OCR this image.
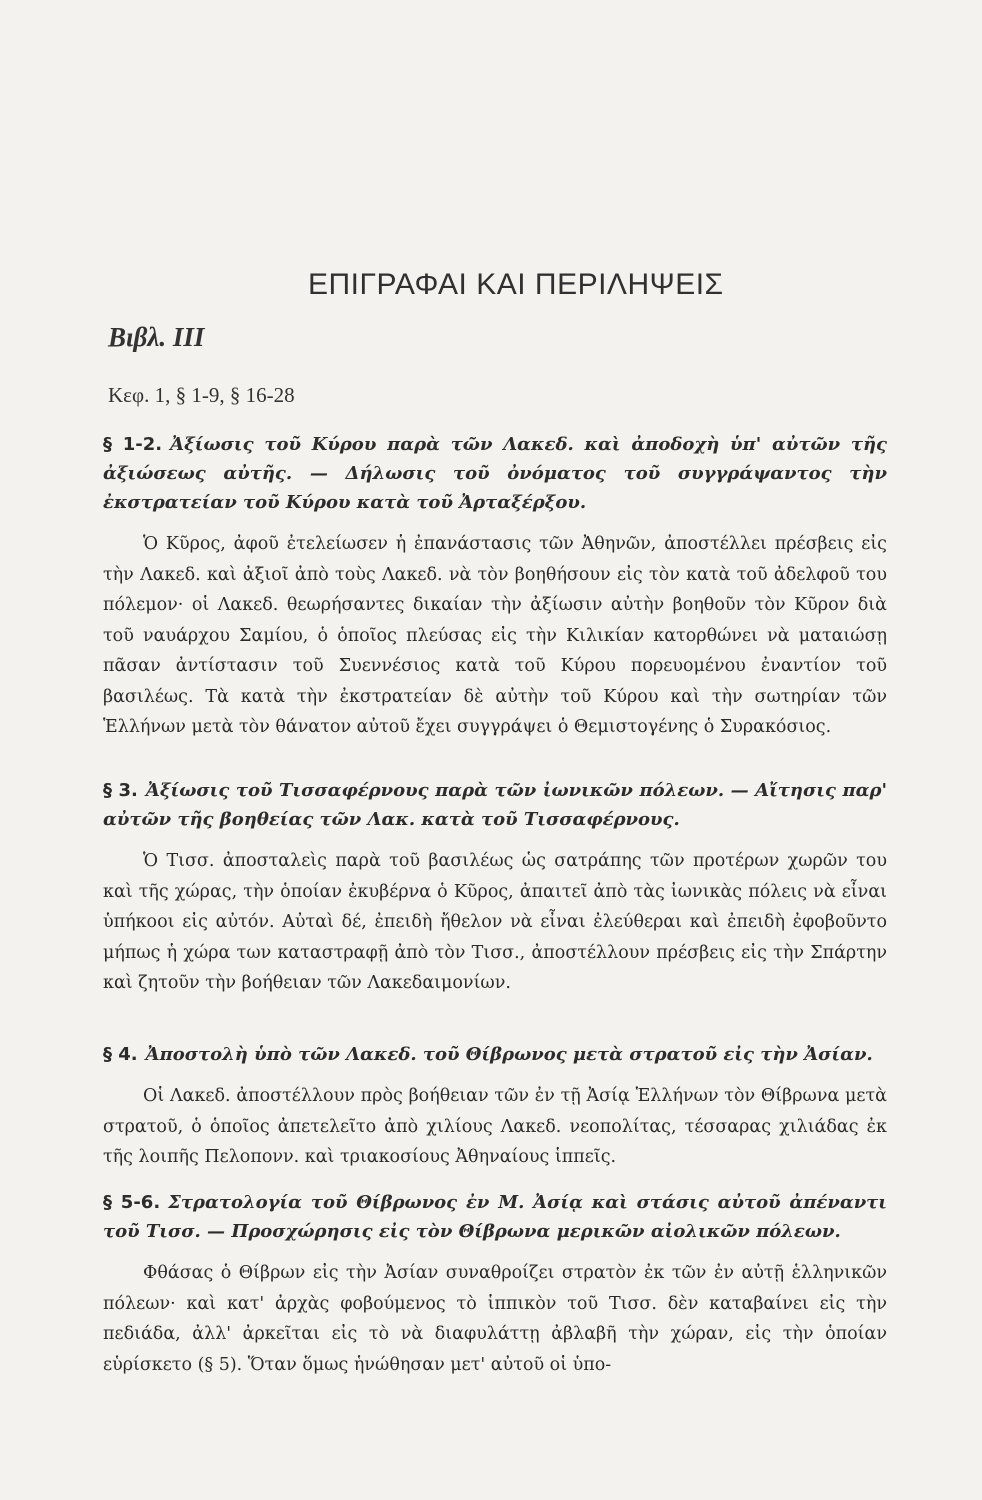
ΕΠΙΓΡΑΦΑΙ ΚΑΙ ΠΕΡΙΛΗΨΕΙΣ
Βιβλ. III
Κεφ. 1, § 1-9, § 16-28

§ 1-2. Ἀξίωσις τοῦ Κύρου παρὰ τῶν Λακεδ. καὶ ἀποδοχὴ ὑπ' αὐτῶν τῆς ἀξιώσεως αὐτῆς. — Δήλωσις τοῦ ὀνόματος τοῦ συγγράψαντος τὴν ἐκστρατείαν τοῦ Κύρου κατὰ τοῦ Ἀρταξέρξου.

Ὁ Κῦρος, ἀφοῦ ἐτελείωσεν ἡ ἐπανάστασις τῶν Ἀθηνῶν, ἀποστέλλει πρέσβεις εἰς τὴν Λακεδ. καὶ ἀξιοῖ ἀπὸ τοὺς Λακεδ. νὰ τὸν βοηθήσουν εἰς τὸν κατὰ τοῦ ἀδελφοῦ του πόλεμον· οἱ Λακεδ. θεωρήσαντες δικαίαν τὴν ἀξίωσιν αὐτὴν βοηθοῦν τὸν Κῦρον διὰ τοῦ ναυάρχου Σαμίου, ὁ ὁποῖος πλεύσας εἰς τὴν Κιλικίαν κατορθώνει νὰ ματαιώσῃ πᾶσαν ἀντίστασιν τοῦ Συεννέσιος κατὰ τοῦ Κύρου πορευομένου ἐναντίον τοῦ βασιλέως. Τὰ κατὰ τὴν ἐκστρατείαν δὲ αὐτὴν τοῦ Κύρου καὶ τὴν σωτηρίαν τῶν Ἑλλήνων μετὰ τὸν θάνατον αὐτοῦ ἔχει συγγράψει ὁ Θεμιστογένης ὁ Συρακόσιος.

§ 3. Ἀξίωσις τοῦ Τισσαφέρνους παρὰ τῶν ἰωνικῶν πόλεων. — Αἴτησις παρ' αὐτῶν τῆς βοηθείας τῶν Λακ. κατὰ τοῦ Τισσαφέρνους.

Ὁ Τισσ. ἀποσταλεὶς παρὰ τοῦ βασιλέως ὡς σατράπης τῶν προτέρων χωρῶν του καὶ τῆς χώρας, τὴν ὁποίαν ἐκυβέρνα ὁ Κῦρος, ἀπαιτεῖ ἀπὸ τὰς ἰωνικὰς πόλεις νὰ εἶναι ὑπήκοοι εἰς αὐτόν. Αὐταὶ δέ, ἐπειδὴ ἤθελον νὰ εἶναι ἐλεύθεραι καὶ ἐπειδὴ ἐφοβοῦντο μήπως ἡ χώρα των καταστραφῇ ἀπὸ τὸν Τισσ., ἀποστέλλουν πρέσβεις εἰς τὴν Σπάρτην καὶ ζητοῦν τὴν βοήθειαν τῶν Λακεδαιμονίων.

§ 4. Ἀποστολὴ ὑπὸ τῶν Λακεδ. τοῦ Θίβρωνος μετὰ στρατοῦ εἰς τὴν Ἀσίαν.

Οἱ Λακεδ. ἀποστέλλουν πρὸς βοήθειαν τῶν ἐν τῇ Ἀσίᾳ Ἑλλήνων τὸν Θίβρωνα μετὰ στρατοῦ, ὁ ὁποῖος ἀπετελεῖτο ἀπὸ χιλίους Λακεδ. νεοπολίτας, τέσσαρας χιλιάδας ἐκ τῆς λοιπῆς Πελοπονν. καὶ τριακοσίους Ἀθηναίους ἱππεῖς.

§ 5-6. Στρατολογία τοῦ Θίβρωνος ἐν Μ. Ἀσίᾳ καὶ στάσις αὐτοῦ ἀπέναντι τοῦ Τισσ. — Προσχώρησις εἰς τὸν Θίβρωνα μερικῶν αἰολικῶν πόλεων.

Φθάσας ὁ Θίβρων εἰς τὴν Ἀσίαν συναθροίζει στρατὸν ἐκ τῶν ἐν αὐτῇ ἑλληνικῶν πόλεων· καὶ κατ' ἀρχὰς φοβούμενος τὸ ἱππικὸν τοῦ Τισσ. δὲν καταβαίνει εἰς τὴν πεδιάδα, ἀλλ' ἀρκεῖται εἰς τὸ νὰ διαφυλάττῃ ἀβλαβῆ τὴν χώραν, εἰς τὴν ὁποίαν εὑρίσκετο (§ 5). Ὅταν ὅμως ἡνώθησαν μετ' αὐτοῦ οἱ ὑπο-
